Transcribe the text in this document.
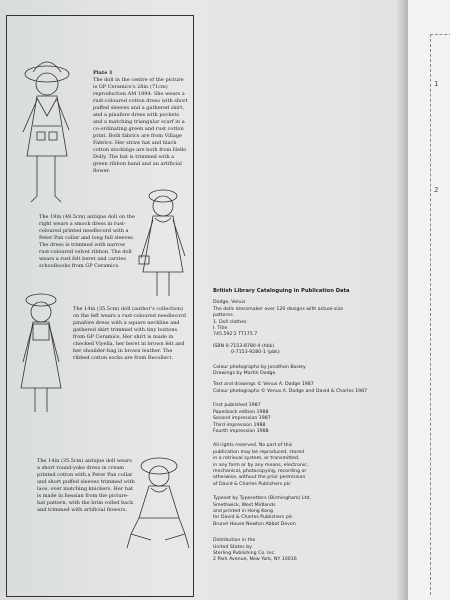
1
2
Plate 1
The doll in the centre of the picture is GP Ceramics's 28in (71cm) reproduction AM 1894. She wears a rust-coloured cotton dress with short puffed sleeves and a gathered skirt, and a pinafore dress with pockets and a matching triangular scarf in a co-ordinating green and rust cotton print. Both fabrics are from Village Fabrics. Her straw hat and black cotton stockings are both from Hello Dolly. The hat is trimmed with a green ribbon band and an artificial flower.
The 19in (48.5cm) antique doll on the right wears a smock dress in rust-coloured printed needlecord with a Peter Pan collar and long full sleeves. The dress is trimmed with narrow rust-coloured velvet ribbon. The doll wears a rust felt beret and carries schoolbooks from GP Ceramics.
The 14in (35.5cm) doll (author's collection) on the left wears a rust-coloured needlecord pinafore dress with a square neckline and gathered skirt trimmed with tiny buttons from GP Ceramics. Her shirt is made in checked Viyella, her beret in brown felt and her shoulder-bag in brown leather. The ribbed cotton socks are from Recollect.
The 14in (35.5cm) antique doll wears a short round-yoke dress in cream printed cotton with a Peter Pan collar and short puffed sleeves trimmed with lace, over matching knickers. Her hat is made in hessian from the picture-hat pattern, with the brim rolled back and trimmed with artificial flowers.
British Library Cataloguing in Publication Data

Dodge, Venus
The dolls dressmaker over 120 designs with actual-size
patterns.
1. Doll clothes
I. Title
745.592'2 TT175.7

ISBN 0-7153-8780-4 (hbk)
0-7153-9280-1 (pbk)

Colour photographs by Jonathon Bosley
Drawings by Martin Dodge

Text and drawings © Venus A. Dodge 1987
Colour photographs © Venus A. Dodge and David & Charles 1987

First published 1987
Paperback edition 1988
Second impression 1987
Third impression 1988
Fourth impression 1988

All rights reserved. No part of this
publication may be reproduced, stored
in a retrieval system, or transmitted,
in any form or by any means, electronic,
mechanical, photocopying, recording or
otherwise, without the prior permission
of David & Charles Publishers plc

Typeset by Typesetters (Birmingham) Ltd,
Smethwick, West Midlands
and printed in Hong Kong
for David & Charles Publishers plc
Brunel House Newton Abbot Devon

Distribution in the
United States by
Sterling Publishing Co. Inc.
2 Park Avenue, New York, NY 10016
